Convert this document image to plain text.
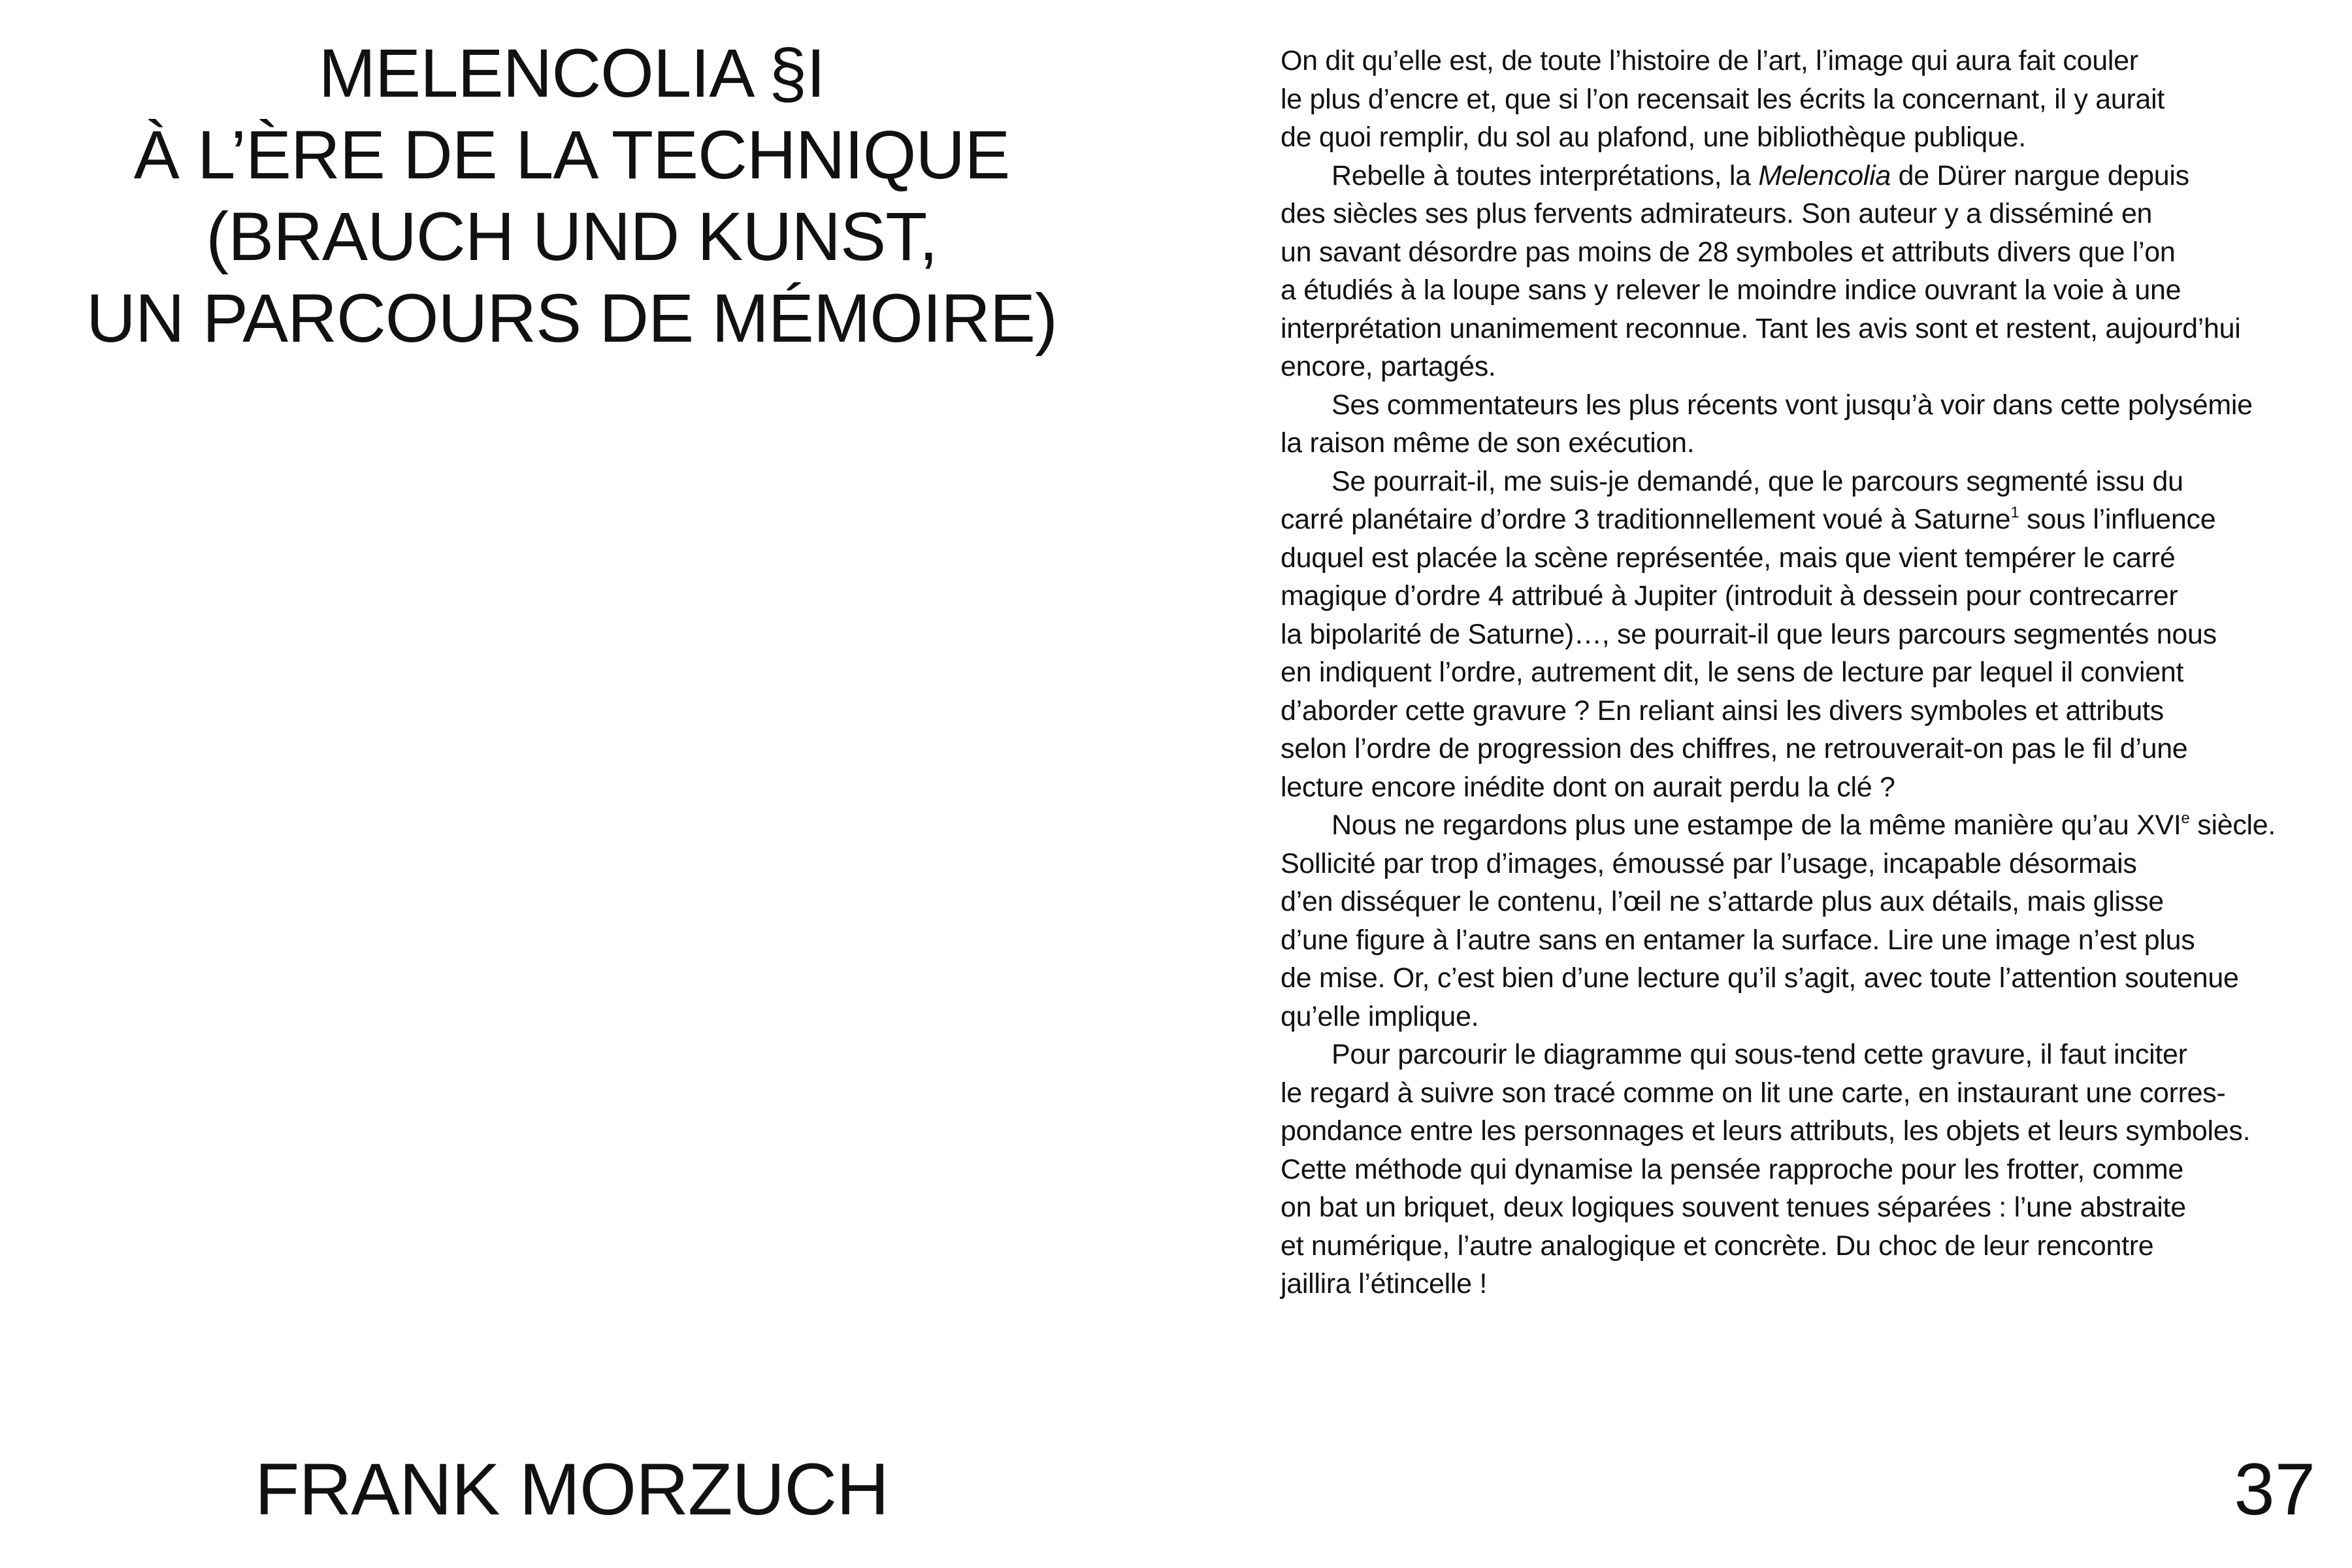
MELENCOLIA §I
À L’ÈRE DE LA TECHNIQUE
(BRAUCH UND KUNST,
UN PARCOURS DE MÉMOIRE)
FRANK MORZUCH
On dit qu’elle est, de toute l’histoire de l’art, l’image qui aura fait couler
le plus d’encre et, que si l’on recensait les écrits la concernant, il y aurait
de quoi remplir, du sol au plafond, une bibliothèque publique.
Rebelle à toutes interprétations, la Melencolia de Dürer nargue depuis
des siècles ses plus fervents admirateurs. Son auteur y a disséminé en
un savant désordre pas moins de 28 symboles et attributs divers que l’on
a étudiés à la loupe sans y relever le moindre indice ouvrant la voie à une
interprétation unanimement reconnue. Tant les avis sont et restent, aujourd’hui
encore, partagés.
Ses commentateurs les plus récents vont jusqu’à voir dans cette polysémie
la raison même de son exécution.
Se pourrait-il, me suis-je demandé, que le parcours segmenté issu du
carré planétaire d’ordre 3 traditionnellement voué à Saturne$^1$ sous l’influence
duquel est placée la scène représentée, mais que vient tempérer le carré
magique d’ordre 4 attribué à Jupiter (introduit à dessein pour contrecarrer
la bipolarité de Saturne)…, se pourrait-il que leurs parcours segmentés nous
en indiquent l’ordre, autrement dit, le sens de lecture par lequel il convient
d’aborder cette gravure ? En reliant ainsi les divers symboles et attributs
selon l’ordre de progression des chiffres, ne retrouverait-on pas le fil d’une
lecture encore inédite dont on aurait perdu la clé ?
Nous ne regardons plus une estampe de la même manière qu’au XVIe siècle.
Sollicité par trop d’images, émoussé par l’usage, incapable désormais
d’en disséquer le contenu, l’œil ne s’attarde plus aux détails, mais glisse
d’une figure à l’autre sans en entamer la surface. Lire une image n’est plus
de mise. Or, c’est bien d’une lecture qu’il s’agit, avec toute l’attention soutenue
qu’elle implique.
Pour parcourir le diagramme qui sous-tend cette gravure, il faut inciter
le regard à suivre son tracé comme on lit une carte, en instaurant une corres-
pondance entre les personnages et leurs attributs, les objets et leurs symboles.
Cette méthode qui dynamise la pensée rapproche pour les frotter, comme
on bat un briquet, deux logiques souvent tenues séparées : l’une abstraite
et numérique, l’autre analogique et concrète. Du choc de leur rencontre
jaillira l’étincelle !
37
